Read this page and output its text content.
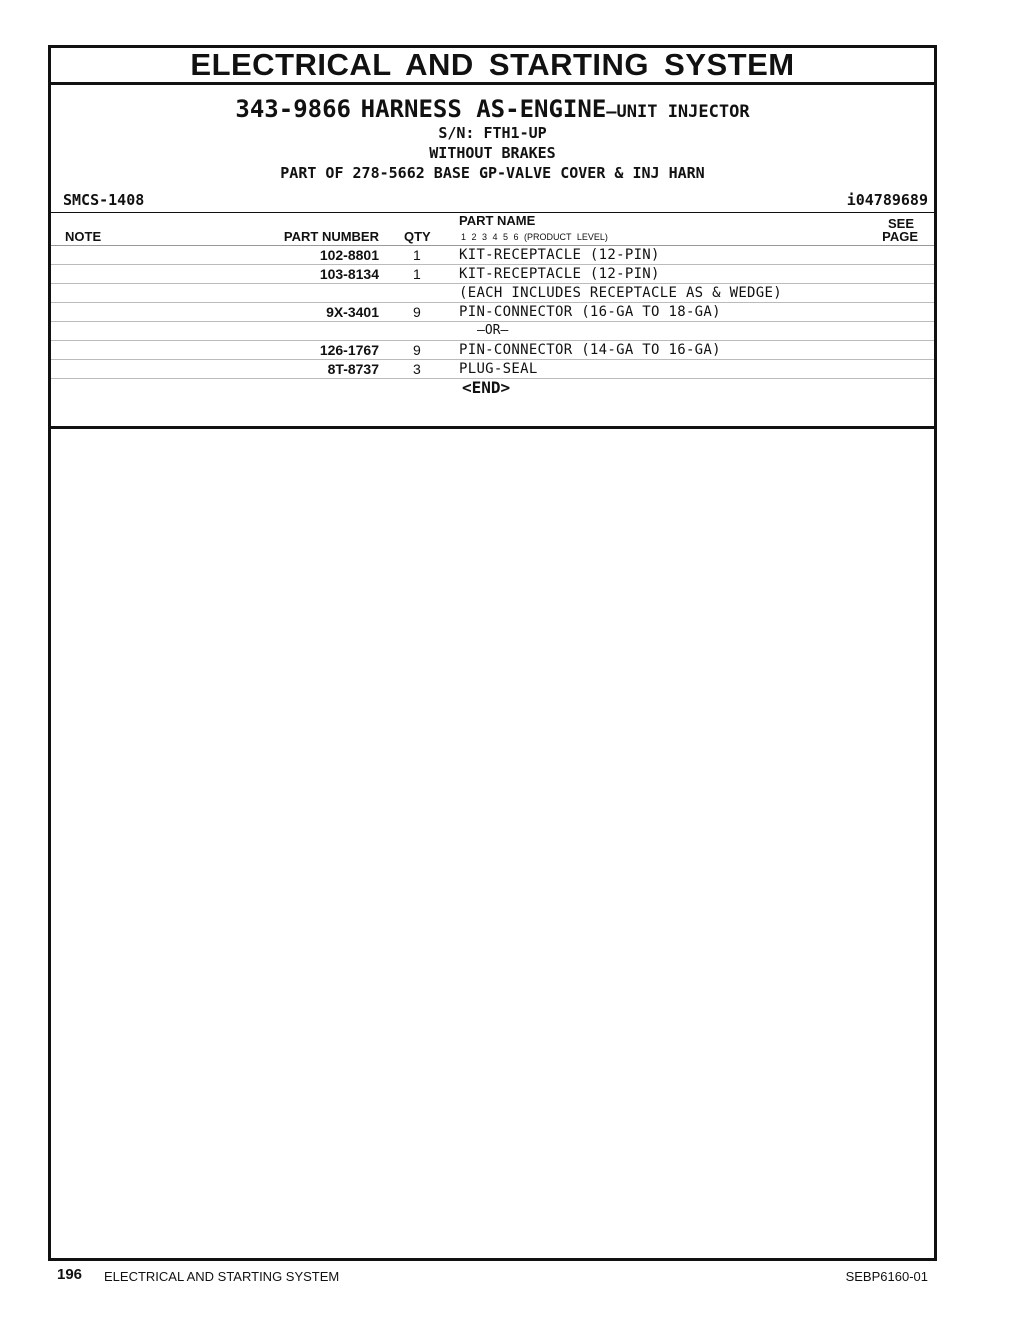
ELECTRICAL AND STARTING SYSTEM
343-9866 HARNESS AS-ENGINE—UNIT INJECTOR
S/N: FTH1-UP
WITHOUT BRAKES
PART OF 278-5662 BASE GP-VALVE COVER & INJ HARN
SMCS-1408	i04789689
NOTE	PART NUMBER QTY
PART NAME
1 2 3 4 5 6 (PRODUCT LEVEL)
SEE
PAGE
102-8801 1	KIT-RECEPTACLE (12-PIN)
103-8134 1	KIT-RECEPTACLE (12-PIN)
(EACH INCLUDES RECEPTACLE AS & WEDGE)
9X-3401 9	PIN-CONNECTOR (16-GA TO 18-GA)
—OR—
126-1767 9	PIN-CONNECTOR (14-GA TO 16-GA)
8T-8737 3	PLUG-SEAL
<END>
196 ELECTRICAL AND STARTING SYSTEM	SEBP6160-01
